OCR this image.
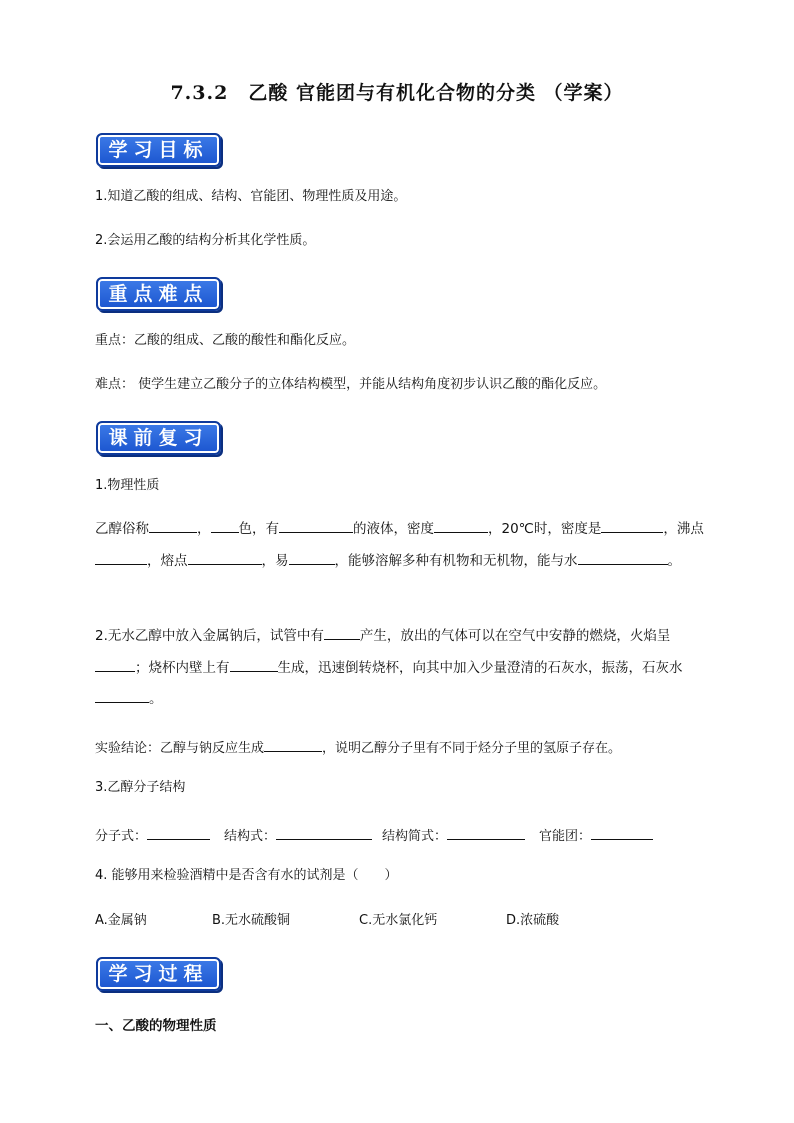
7.3.2　乙酸 官能团与有机化合物的分类 （学案）
学习目标
1.知道乙酸的组成、结构、官能团、物理性质及用途。
2.会运用乙酸的结构分析其化学性质。
重点难点
重点：乙酸的组成、乙酸的酸性和酯化反应。
难点： 使学生建立乙酸分子的立体结构模型，并能从结构角度初步认识乙酸的酯化反应。
课前复习
1.物理性质
乙醇俗称	， 色，有	的液体，密度	，20℃时，密度是	，沸点，熔点	，易	，能够溶解多种有机物和无机物，能与水	。
2.无水乙醇中放入金属钠后，试管中有	产生，放出的气体可以在空气中安静的燃烧，火焰呈；烧杯内壁上有	生成，迅速倒转烧杯，向其中加入少量澄清的石灰水，振荡，石灰水。
实验结论：乙醇与钠反应生成	，说明乙醇分子里有不同于烃分子里的氢原子存在。
3.乙醇分子结构
分子式：	结构式：	结构简式：	官能团：
4. 能够用来检验酒精中是否含有水的试剂是（　　）
A.金属钠	B.无水硫酸铜	C.无水氯化钙	D.浓硫酸
学习过程
一、乙酸的物理性质
